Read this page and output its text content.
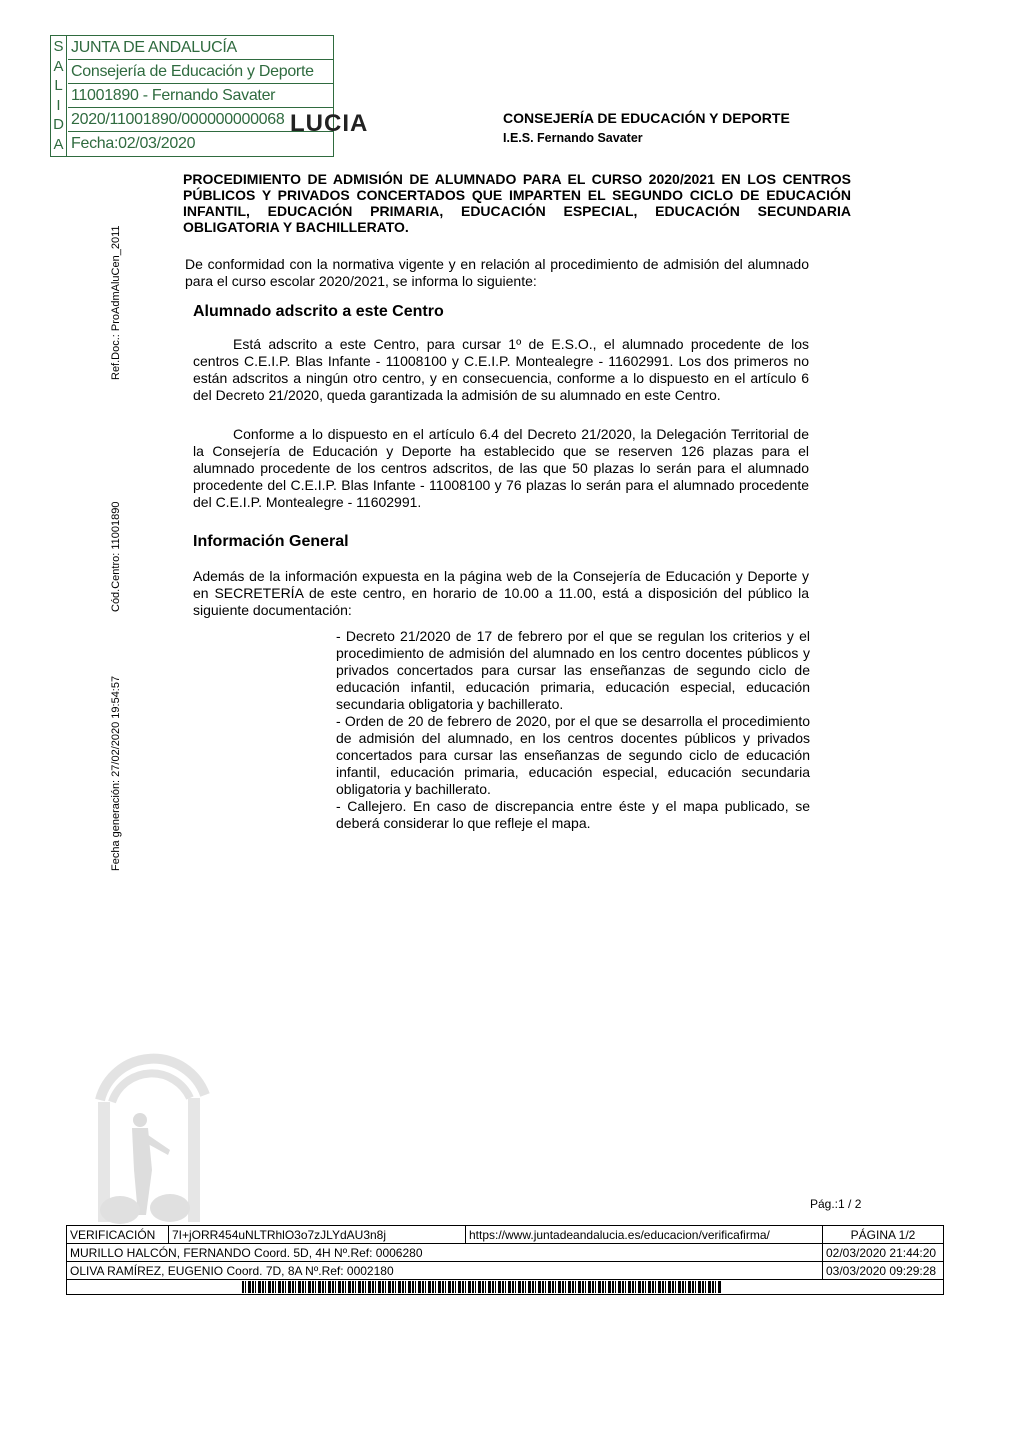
S
A
L
I
D
A
JUNTA DE ANDALUCÍA
Consejería de Educación y Deporte
11001890 - Fernando Savater
2020/11001890/000000000068
Fecha:02/03/2020
LUCIA	CONSEJERÍA DE EDUCACIÓN Y DEPORTE
I.E.S. Fernando Savater
PROCEDIMIENTO DE ADMISIÓN DE ALUMNADO PARA EL CURSO 2020/2021 EN LOS CENTROS PÚBLICOS Y PRIVADOS CONCERTADOS QUE IMPARTEN EL SEGUNDO CICLO DE EDUCACIÓN INFANTIL, EDUCACIÓN PRIMARIA, EDUCACIÓN ESPECIAL, EDUCACIÓN SECUNDARIA OBLIGATORIA Y BACHILLERATO.
Ref.Doc.: ProAdmAluCen_2011
Cód.Centro: 11001890
Fecha generación: 27/02/2020 19:54:57
De conformidad con la normativa vigente y en relación al procedimiento de admisión del alumnado para el curso escolar 2020/2021, se informa lo siguiente:
Alumnado adscrito a este Centro
Está adscrito a este Centro, para cursar 1º de E.S.O., el alumnado procedente de los centros C.E.I.P. Blas Infante - 11008100 y C.E.I.P. Montealegre - 11602991. Los dos primeros no están adscritos a ningún otro centro, y en consecuencia, conforme a lo dispuesto en el artículo 6 del Decreto 21/2020, queda garantizada la admisión de su alumnado en este Centro.
Conforme a lo dispuesto en el artículo 6.4 del Decreto 21/2020, la Delegación Territorial de la Consejería de Educación y Deporte ha establecido que se reserven 126 plazas para el alumnado procedente de los centros adscritos, de las que 50 plazas lo serán para el alumnado procedente del C.E.I.P. Blas Infante - 11008100 y 76 plazas lo serán para el alumnado procedente del C.E.I.P. Montealegre - 11602991.
Información General
Además de la información expuesta en la página web de la Consejería de Educación y Deporte y en SECRETERÍA de este centro, en horario de 10.00 a 11.00, está a disposición del público la siguiente documentación:

- Decreto 21/2020 de 17 de febrero por el que se regulan los criterios y el procedimiento de admisión del alumnado en los centro docentes públicos y privados concertados para cursar las enseñanzas de segundo ciclo de educación infantil, educación primaria, educación especial, educación secundaria obligatoria y bachillerato.

- Orden de 20 de febrero de 2020, por el que se desarrolla el procedimiento de admisión del alumnado, en los centros docentes públicos y privados concertados para cursar las enseñanzas de segundo ciclo de educación infantil, educación primaria, educación especial, educación secundaria obligatoria y bachillerato.

- Callejero. En caso de discrepancia entre éste y el mapa publicado, se deberá considerar lo que refleje el mapa.

Pág.:1 / 2
VERIFICACIÓN	7I+jORR454uNLTRhlO3o7zJLYdAU3n8j	https://www.juntadeandalucia.es/educacion/verificafirma/	PÁGINA 1/2
MURILLO HALCÓN, FERNANDO Coord. 5D, 4H Nº.Ref: 0006280			02/03/2020 21:44:20
OLIVA RAMÍREZ, EUGENIO Coord. 7D, 8A Nº.Ref: 0002180			03/03/2020 09:29:28
